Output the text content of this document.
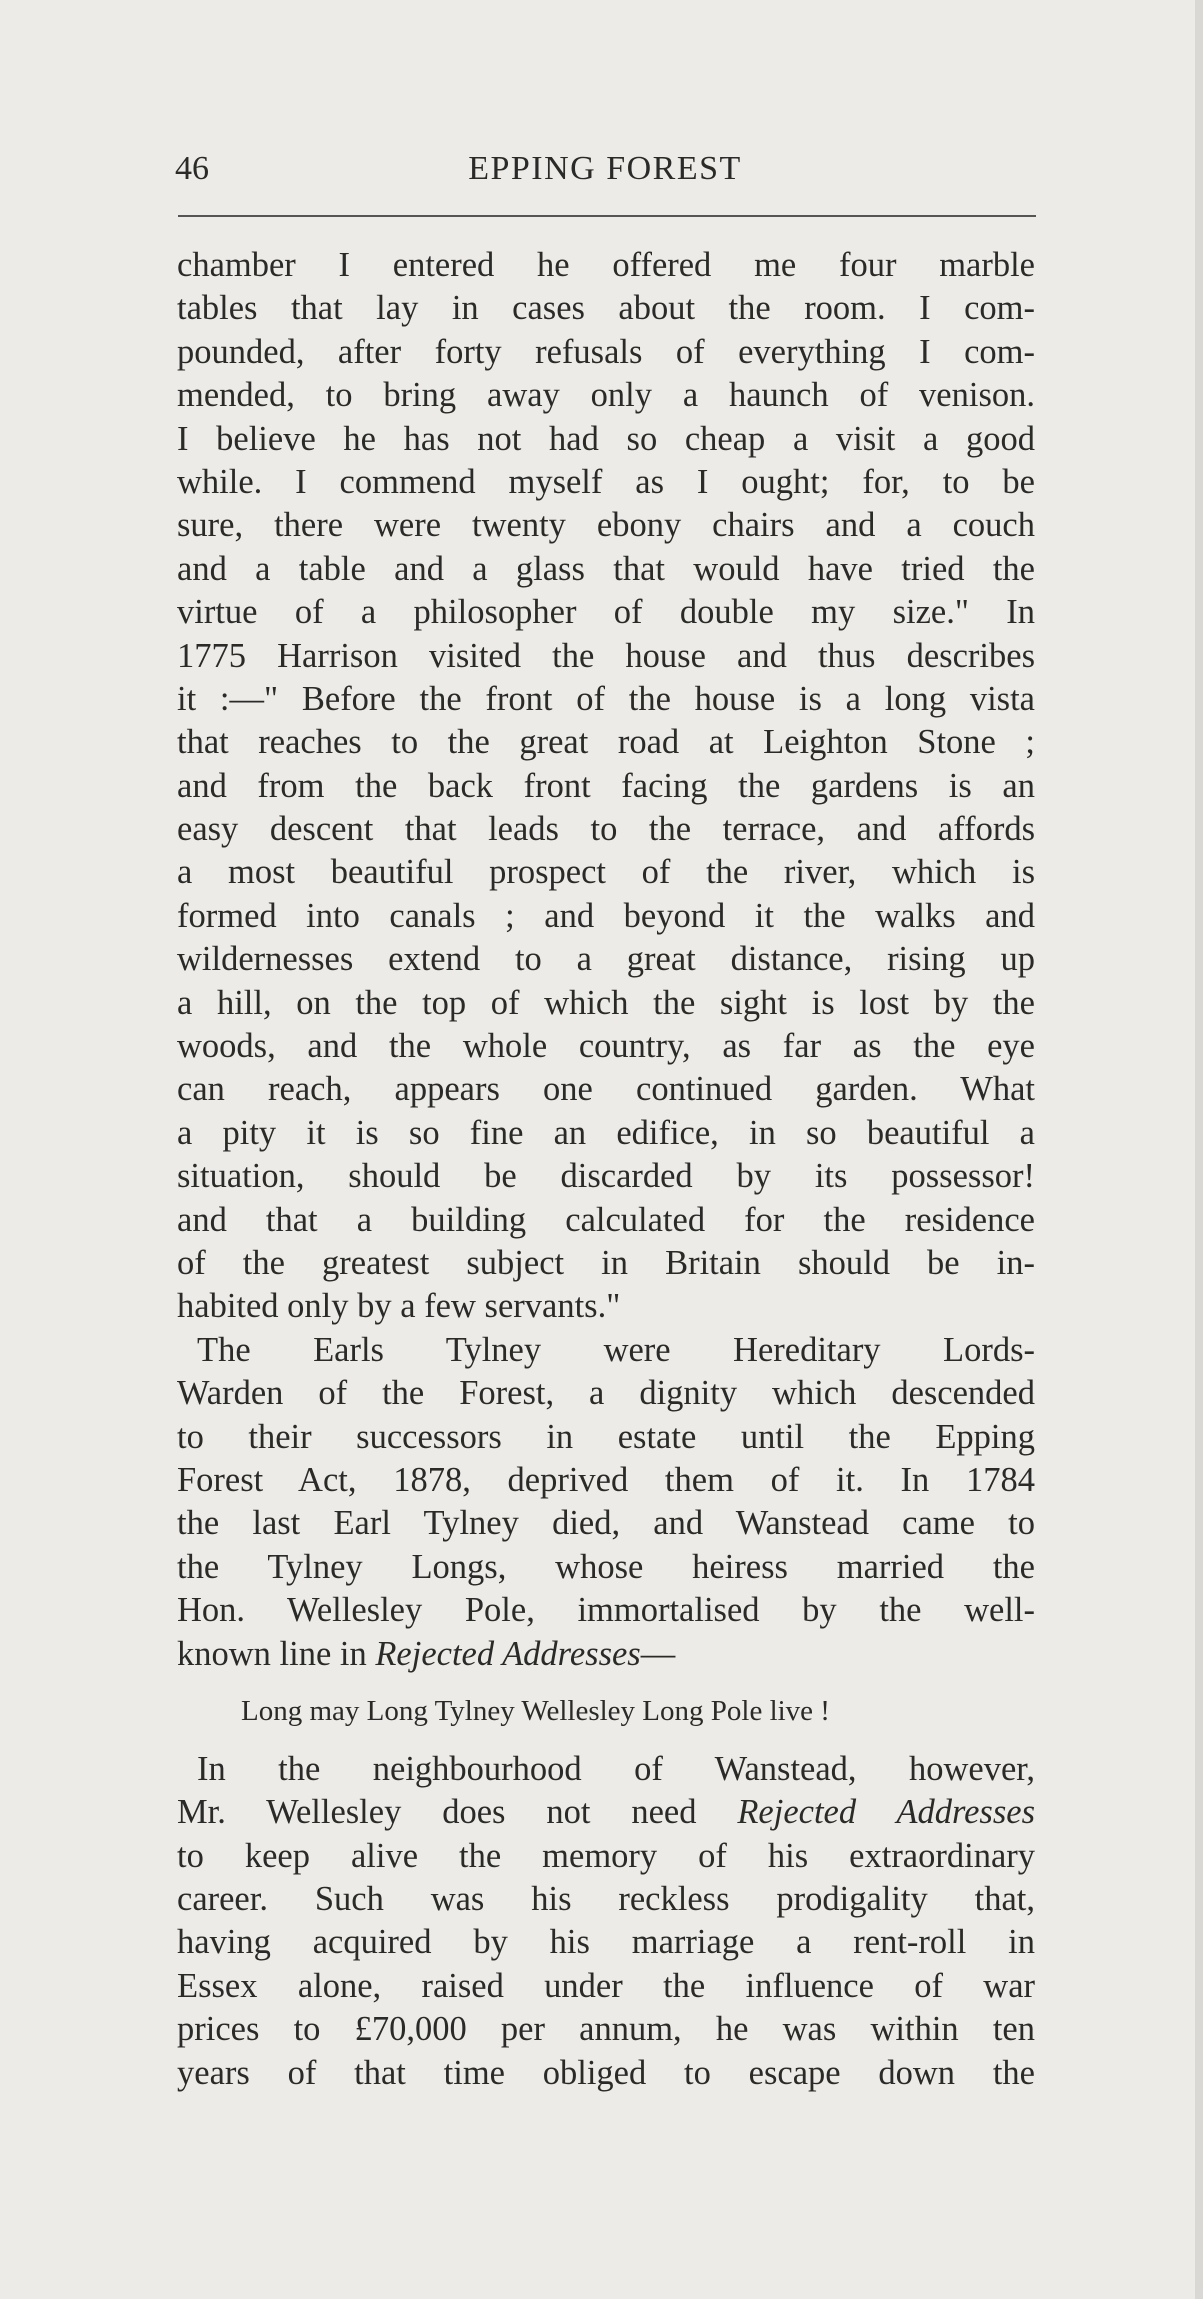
46	EPPING FOREST
chamber I entered he offered me four marble
tables that lay in cases about the room. I com-
pounded, after forty refusals of everything I com-
mended, to bring away only a haunch of venison.
I believe he has not had so cheap a visit a good
while. I commend myself as I ought; for, to be
sure, there were twenty ebony chairs and a couch
and a table and a glass that would have tried the
virtue of a philosopher of double my size." In
1775 Harrison visited the house and thus describes
it :—" Before the front of the house is a long vista
that reaches to the great road at Leighton Stone ;
and from the back front facing the gardens is an
easy descent that leads to the terrace, and affords
a most beautiful prospect of the river, which is
formed into canals ; and beyond it the walks and
wildernesses extend to a great distance, rising up
a hill, on the top of which the sight is lost by the
woods, and the whole country, as far as the eye
can reach, appears one continued garden. What
a pity it is so fine an edifice, in so beautiful a
situation, should be discarded by its possessor!
and that a building calculated for the residence
of the greatest subject in Britain should be in-
habited only by a few servants."
The Earls Tylney were Hereditary Lords-
Warden of the Forest, a dignity which descended
to their successors in estate until the Epping
Forest Act, 1878, deprived them of it. In 1784
the last Earl Tylney died, and Wanstead came to
the Tylney Longs, whose heiress married the
Hon. Wellesley Pole, immortalised by the well-
known line in Rejected Addresses—
Long may Long Tylney Wellesley Long Pole live !
In the neighbourhood of Wanstead, however,
Mr. Wellesley does not need Rejected Addresses
to keep alive the memory of his extraordinary
career. Such was his reckless prodigality that,
having acquired by his marriage a rent-roll in
Essex alone, raised under the influence of war
prices to £70,000 per annum, he was within ten
years of that time obliged to escape down the
